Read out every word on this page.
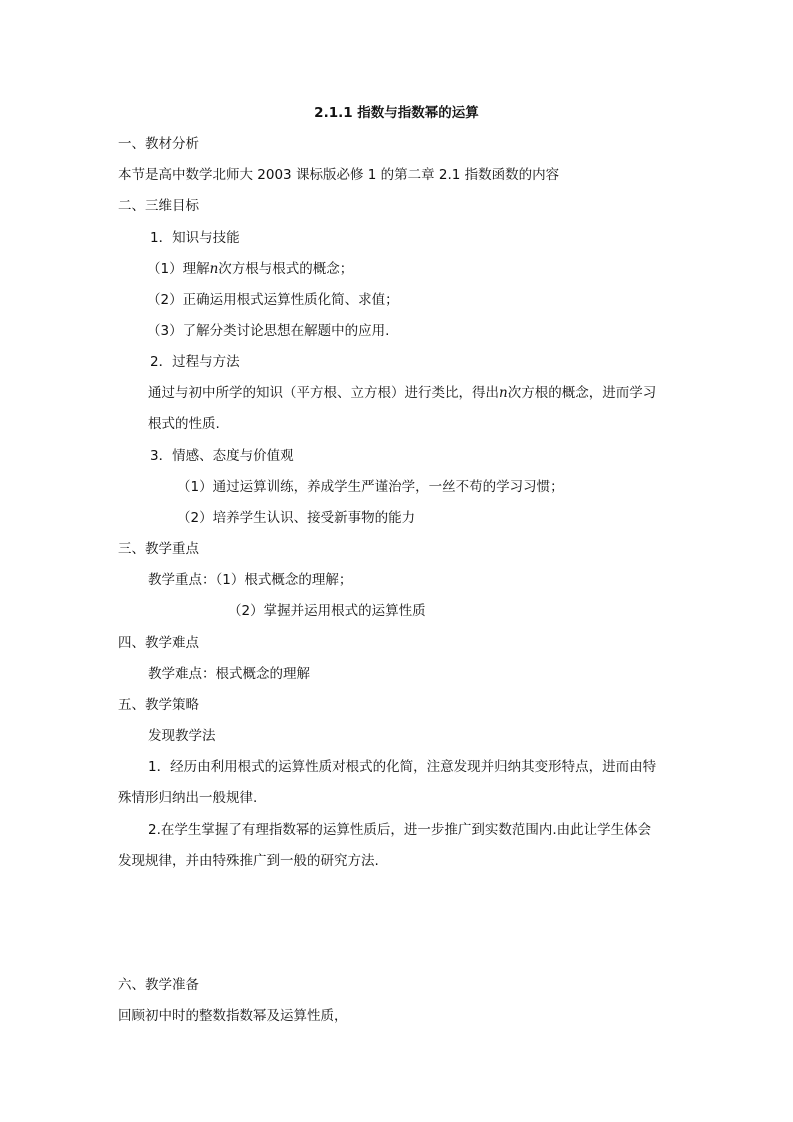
2.1.1 指数与指数幂的运算
一、教材分析
本节是高中数学北师大 2003 课标版必修 1 的第二章 2.1 指数函数的内容
二、三维目标
1．知识与技能
（1）理解n次方根与根式的概念；
（2）正确运用根式运算性质化简、求值；
（3）了解分类讨论思想在解题中的应用.
2．过程与方法
通过与初中所学的知识（平方根、立方根）进行类比，得出n次方根的概念，进而学习
根式的性质.
3．情感、态度与价值观
（1）通过运算训练，养成学生严谨治学，一丝不苟的学习习惯；
（2）培养学生认识、接受新事物的能力
三、教学重点
教学重点：（1）根式概念的理解；
（2）掌握并运用根式的运算性质
四、教学难点
教学难点：根式概念的理解
五、教学策略
发现教学法
1．经历由利用根式的运算性质对根式的化简，注意发现并归纳其变形特点，进而由特
殊情形归纳出一般规律.
2.在学生掌握了有理指数幂的运算性质后，进一步推广到实数范围内.由此让学生体会
发现规律，并由特殊推广到一般的研究方法.
六、教学准备
回顾初中时的整数指数幂及运算性质，
